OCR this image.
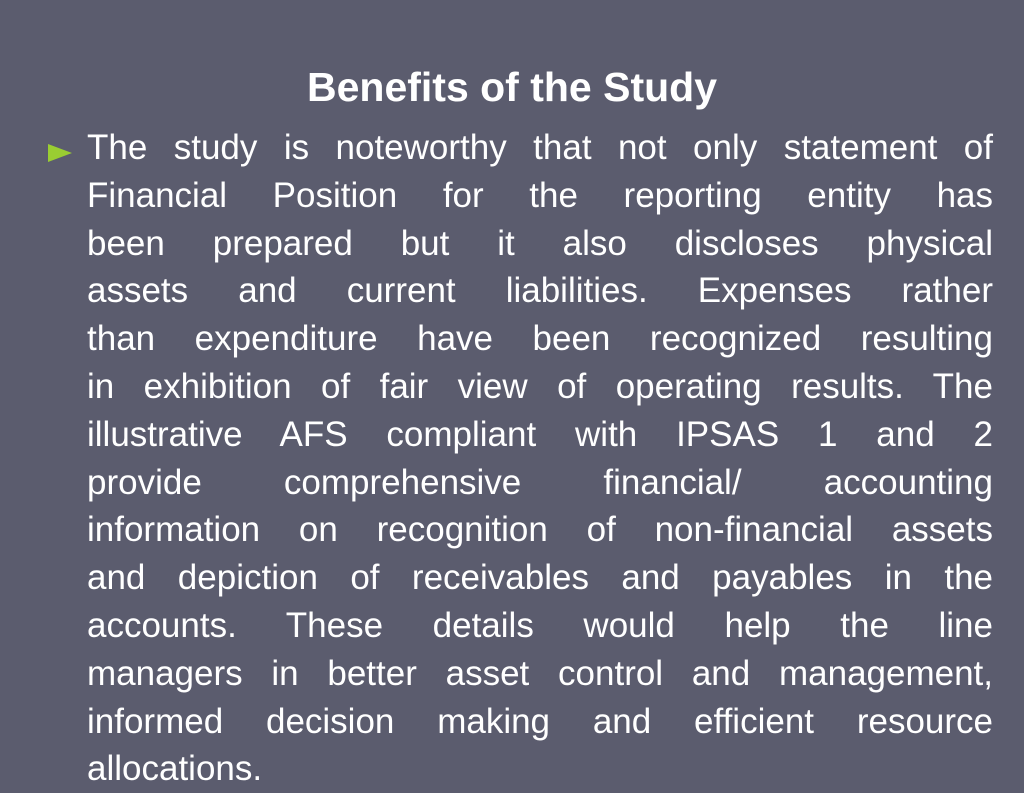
Benefits of the Study
The study is noteworthy that not only statement of
Financial Position for the reporting entity has
been prepared but it also discloses physical
assets and current liabilities. Expenses rather
than expenditure have been recognized resulting
in exhibition of fair view of operating results. The
illustrative AFS compliant with IPSAS 1 and 2
provide comprehensive financial/ accounting
information on recognition of non-financial assets
and depiction of receivables and payables in the
accounts. These details would help the line
managers in better asset control and management,
informed decision making and efficient resource
allocations.
